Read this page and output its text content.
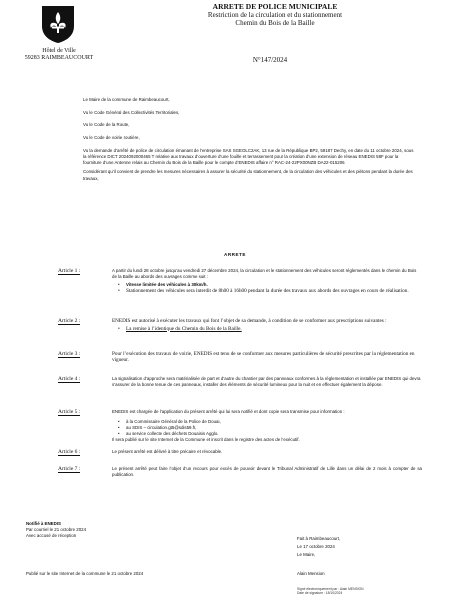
Hôtel de Ville
59283 RAIMBEAUCOURT
ARRETE DE POLICE MUNICIPALE
Restriction de la circulation et du stationnement
Chemin du Bois de la Baille
N°147/2024

Le Maire de la commune de Raimbeaucourt,

Vu le Code Général des Collectivités Territoriales,

Vu le Code de la Route,

Vu le Code de voirie routière,

Vu la demande d’arrêté de police de circulation émanant de l’entreprise SAS SGEOLC2AK, 13 rue de la République BP2, 59187 Dechy, en date du 11 octobre 2024, sous la référence DICT 2024092000465 T relative aux travaux d’ouverture d’une fouille et terrassement pour la création d’une extension de réseau ENEDIS 58F pour la fourniture d’une Antenne relais au Chemin du Bois de la Baille pour le compte d’ENEDIS affaire n° RAC-24-22PX00NZB DA22-015206

Considérant qu’il convient de prendre les mesures nécessaires à assurer la sécurité du stationnement, de la circulation des véhicules et des piétons pendant la durée des travaux,

ARRETE
Article 1 :	A partir du lundi 28 octobre jusqu’au vendredi 27 décembre 2024, la circulation et le stationnement des véhicules seront réglementés dans le chemin du Bois de la Baille au abords des ouvrages comme suit :

• Vitesse limitée des véhicules à 30km/h.
• Stationnement des véhicules sera interdit de 8h00 à 16h00 pendant la durée des travaux aux abords des ouvrages en cours de réalisation.
Article 2 :	ENEDIS est autorisé à exécuter les travaux qui font l’objet de sa demande, à condition de se conformer aux prescriptions suivantes :

• La remise à l’identique du Chemin du Bois de la Baille.
Article 3 :	Pour l’exécution des travaux de voirie, ENEDIS est tenu de se conformer aux mesures particulières de sécurité prescrites par la réglementation en vigueur.

Article 4 :	La signalisation d’approche sera matérialisée de part et d’autre du chantier par des panneaux conformes à la réglementation et installée par ENEDIS qui devra s’assurer de la bonne tenue de ces panneaux, installer des éléments de sécurité lumineux pour la nuit et en effectuer également la dépose.

Article 5 :	ENEDIS est chargée de l’application du présent arrêté qui lui sera notifié et dont copie sera transmise pour information :

• à la Commissaire Général de la Police de Douai,
• au SDIS – circulation.gt5@sdis59.fr,
• au service collecte des déchets Douaisis Agglo.

Il sera publié sur le site Internet de la Commune et inscrit dans le registre des actes de l’exécutif.

Article 6 :	Le présent arrêté est délivré à titre précaire et révocable.

Article 7 :	Le présent arrêté peut faire l’objet d’un recours pour excès de pouvoir devant le Tribunal Administratif de Lille dans un délai de 2 mois à compter de sa publication.

Notifié à ENEDIS
Par courriel le 21 octobre 2024
Avec accusé de réception
Fait à Raimbeaucourt,
Le 17 octobre 2024
Le Maire,
Publié sur le site Internet de la commune le 21 octobre 2024	Alain Mension
Signé électroniquement par : Alain MENSION
Date de signature : 18/10/2024
